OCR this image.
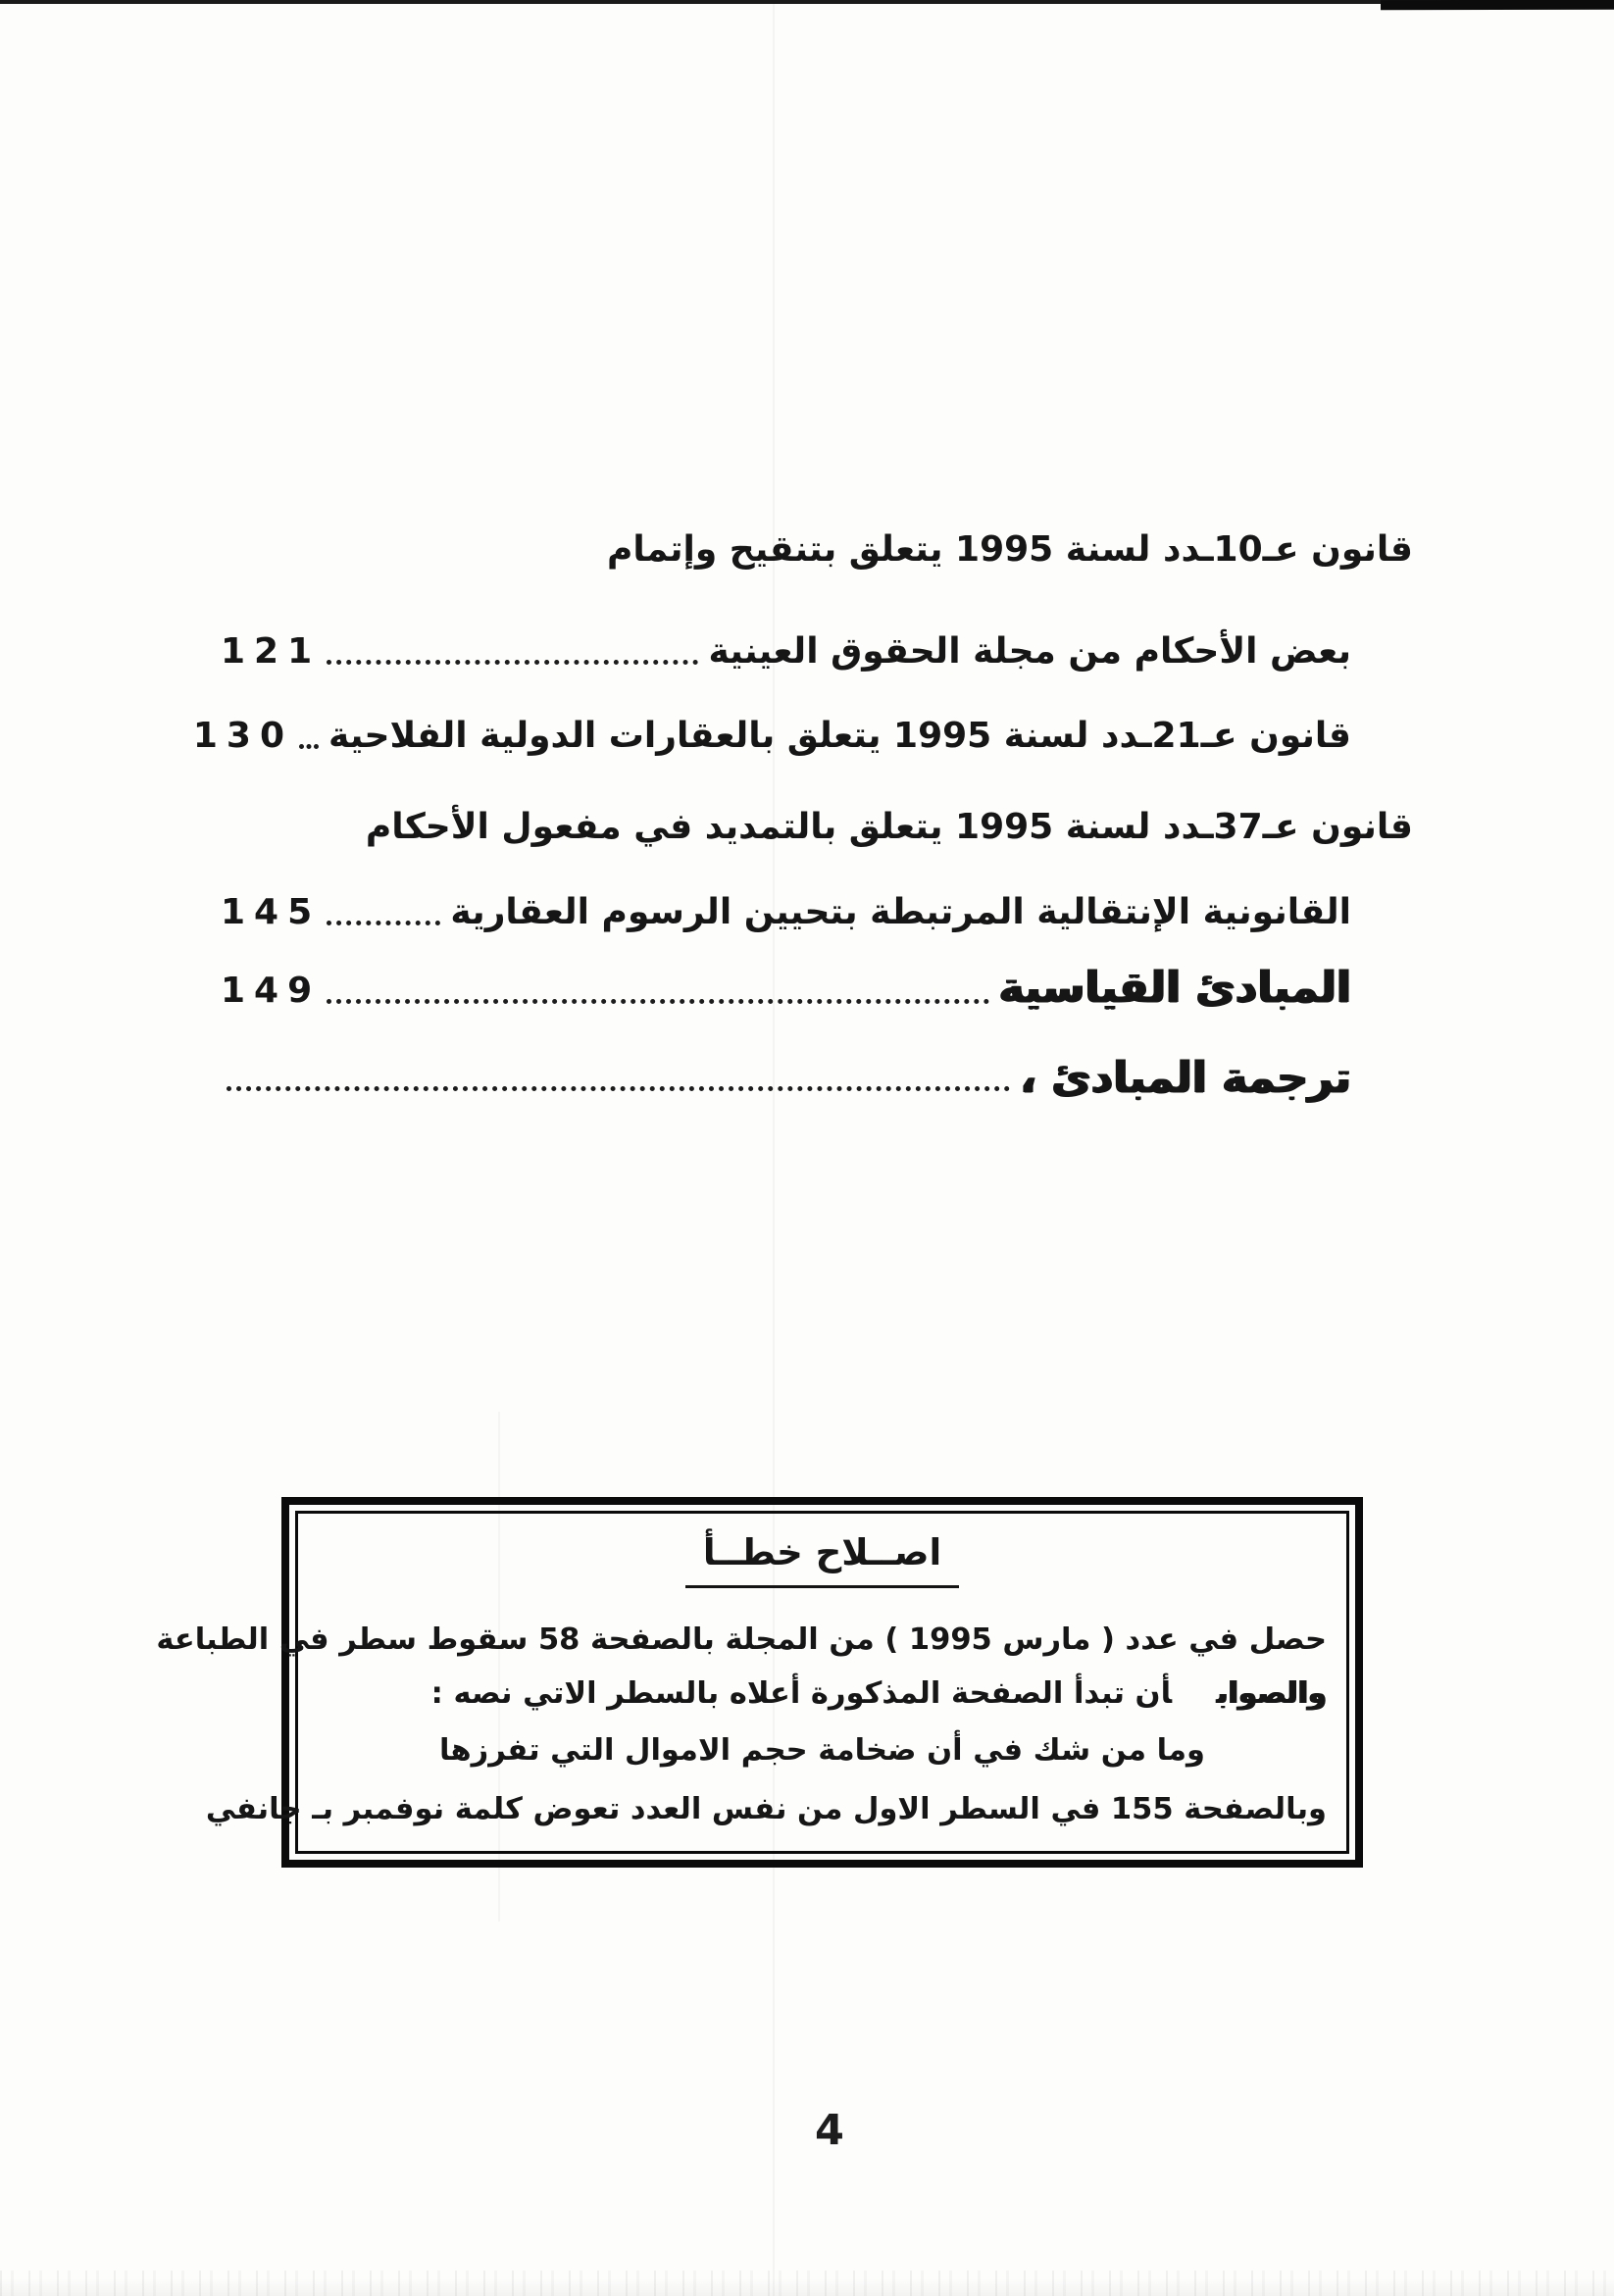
قانون عـ10ـدد لسنة 1995 يتعلق بتنقيح وإتمام
بعض الأحكام من مجلة الحقوق العينية
121
قانون عـ21ـدد لسنة 1995 يتعلق بالعقارات الدولية الفلاحية
130
قانون عـ37ـدد لسنة 1995 يتعلق بالتمديد في مفعول الأحكام
القانونية الإنتقالية المرتبطة بتحيين الرسوم العقارية
145
المبادئ القياسية
149
ترجمة المبادئ ،
اصــلاح خطــأ
حصل في عدد ( مارس 1995 ) من المجلة بالصفحة 58 سقوط سطر في الطباعة
والصوابأن تبدأ الصفحة المذكورة أعلاه بالسطر الاتي نصه :
وما من شك في أن ضخامة حجم الاموال التي تفرزها
وبالصفحة 155 في السطر الاول من نفس العدد تعوض كلمة نوفمبر بـ جانفي
4
